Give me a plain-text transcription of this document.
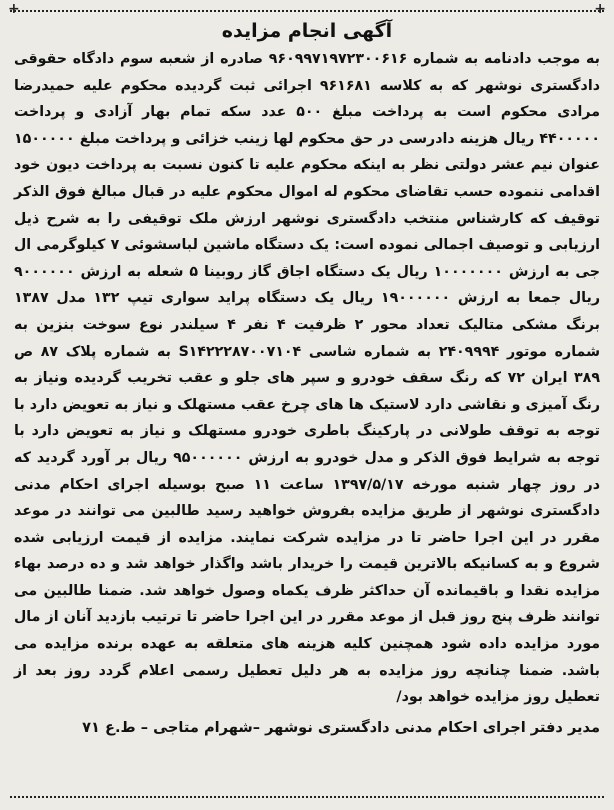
+	+
آگهی انجام مزایده

به موجب دادنامه به شماره ۹۶۰۹۹۷۱۹۷۲۳۰۰۶۱۶ صادره از شعبه سوم دادگاه حقوقی دادگستری نوشهر که به کلاسه ۹۶۱۶۸۱ اجرائی ثبت گردیده محکوم علیه حمیدرضا مرادی محکوم است به پرداخت مبلغ ۵۰۰ عدد سکه تمام بهار آزادی و پرداخت ۴۴۰۰۰۰۰ ریال هزینه دادرسی در حق محکوم لها زینب خزائی و پرداخت مبلغ ۱۵۰۰۰۰۰ عنوان نیم عشر دولتی نظر به اینکه محکوم علیه تا کنون نسبت به پرداخت دیون خود اقدامی ننموده حسب تقاضای محکوم له اموال محکوم علیه در قبال مبالغ فوق الذکر توقیف که کارشناس منتخب دادگستری نوشهر ارزش ملک توقیفی را به شرح ذیل ارزیابی و توصیف اجمالی نموده است: یک دستگاه ماشین لباسشوئی ۷ کیلوگرمی ال جی به ارزش ۱۰۰۰۰۰۰۰ ریال یک دستگاه اجاق گاز روبینا ۵ شعله به ارزش ۹۰۰۰۰۰۰ ریال جمعا به ارزش ۱۹۰۰۰۰۰۰ ریال یک دستگاه پراید سواری تیپ ۱۳۲ مدل ۱۳۸۷ برنگ مشکی متالیک تعداد محور ۲ ظرفیت ۴ نفر ۴ سیلندر نوع سوخت بنزین به شماره موتور ۲۴۰۹۹۹۴ به شماره شاسی S۱۴۲۲۲۸۷۰۰۷۱۰۴ به شماره پلاک ۸۷ ص ۳۸۹ ایران ۷۲ که رنگ سقف خودرو و سپر های جلو و عقب تخریب گردیده ونیاز به رنگ آمیزی و نقاشی دارد لاستیک ها های چرخ عقب مستهلک و نیاز به تعویض دارد با توجه به توقف طولانی در پارکینگ باطری خودرو مستهلک و نیاز به تعویض دارد با توجه به شرایط فوق الذکر و مدل خودرو به ارزش ۹۵۰۰۰۰۰۰ ریال بر آورد گردید که در روز چهار شنبه مورخه ۱۳۹۷/۵/۱۷ ساعت ۱۱ صبح بوسیله اجرای احکام مدنی دادگستری نوشهر از طریق مزایده بفروش خواهید رسید طالبین می توانند در موعد مقرر در این اجرا حاضر تا در مزایده شرکت نمایند. مزایده از قیمت ارزیابی شده شروع و به کسانیکه بالاترین قیمت را خریدار باشد واگذار خواهد شد و ده درصد بهاء مزایده نقدا و باقیمانده آن حداکثر ظرف یکماه وصول خواهد شد. ضمنا طالبین می توانند ظرف پنج روز قبل از موعد مقرر در این اجرا حاضر تا ترتیب بازدید آنان از مال مورد مزایده داده شود همچنین کلیه هزینه های متعلقه به عهده برنده مزایده می باشد. ضمنا چنانچه روز مزایده به هر دلیل تعطیل رسمی اعلام گردد روز بعد از تعطیل روز مزایده خواهد بود/

مدیر دفتر اجرای احکام مدنی دادگستری نوشهر –شهرام متاجی – ط.ع ۷۱
